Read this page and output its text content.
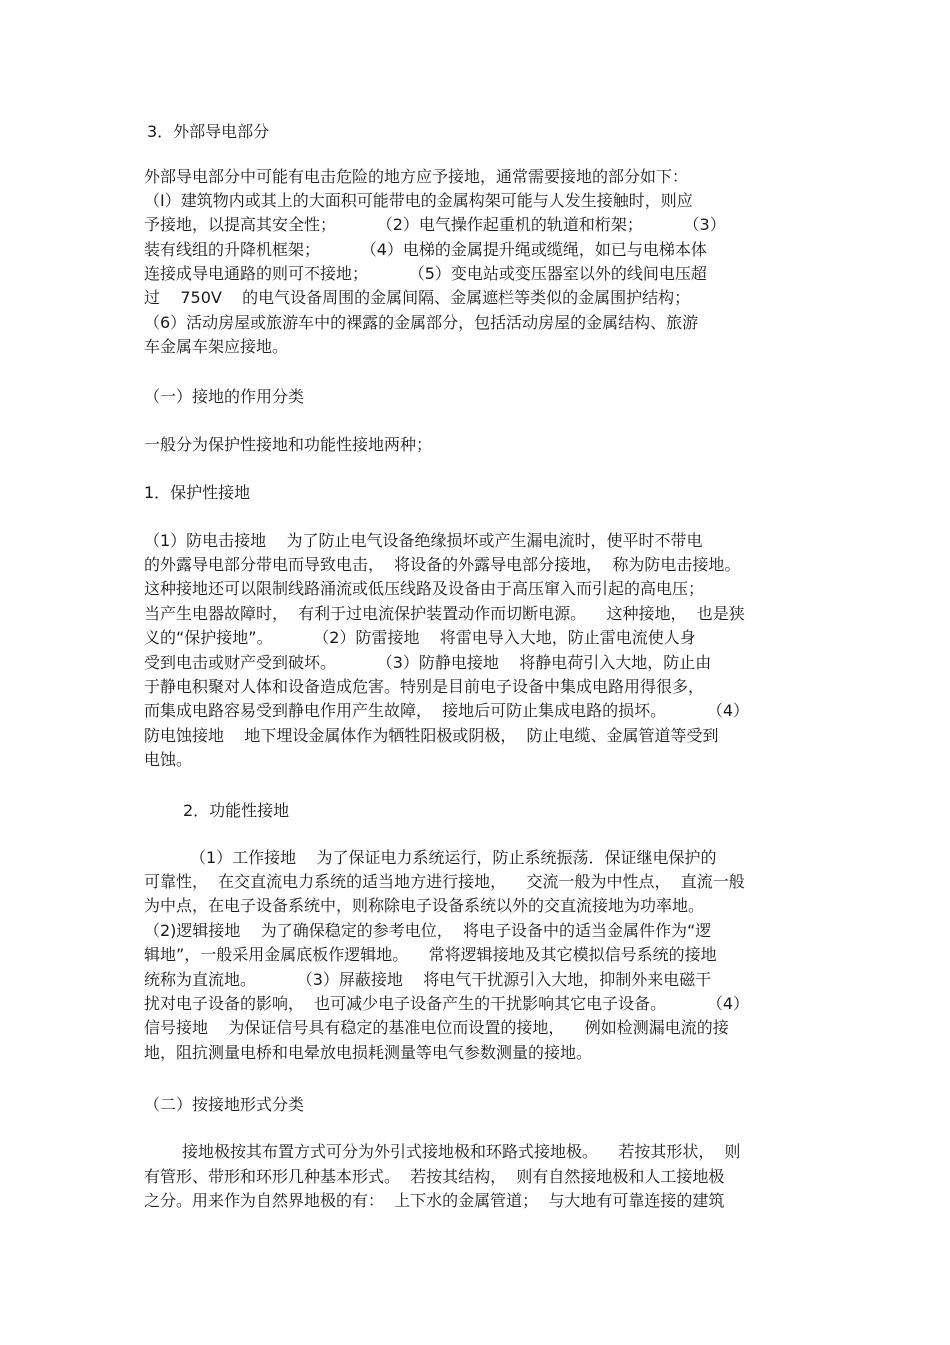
3．外部导电部分

外部导电部分中可能有电击危险的地方应予接地，通常需要接地的部分如下：

（I）建筑物内或其上的大面积可能带电的金属构架可能与人发生接触时，则应

予接地，以提高其安全性；        （2）电气操作起重机的轨道和桁架；        （3）

装有线组的升降机框架；        （4）电梯的金属提升绳或缆绳，如已与电梯本体

连接成导电通路的则可不接地；        （5）变电站或变压器室以外的线间电压超

过    750V    的电气设备周围的金属间隔、金属遮栏等类似的金属围护结构；

（6）活动房屋或旅游车中的裸露的金属部分，包括活动房屋的金属结构、旅游

车金属车架应接地。

（一）接地的作用分类

一般分为保护性接地和功能性接地两种；

1．保护性接地

（1）防电击接地    为了防止电气设备绝缘损坏或产生漏电流时，使平时不带电

的外露导电部分带电而导致电击，  将设备的外露导电部分接地，  称为防电击接地。

这种接地还可以限制线路涌流或低压线路及设备由于高压窜入而引起的高电压；

当产生电器故障时，  有利于过电流保护装置动作而切断电源。    这种接地，  也是狭

义的“保护接地”。        （2）防雷接地    将雷电导入大地，防止雷电流使人身

受到电击或财产受到破坏。        （3）防静电接地    将静电荷引入大地，防止由

于静电积聚对人体和设备造成危害。特别是目前电子设备中集成电路用得很多，

而集成电路容易受到静电作用产生故障，  接地后可防止集成电路的损坏。        （4）

防电蚀接地    地下埋设金属体作为牺牲阳极或阴极，  防止电缆、金属管道等受到

电蚀。

2．功能性接地

（1）工作接地    为了保证电力系统运行，防止系统振荡．保证继电保护的

可靠性，  在交直流电力系统的适当地方进行接地，    交流一般为中性点，  直流一般

为中点，在电子设备系统中，则称除电子设备系统以外的交直流接地为功率地。

（2)逻辑接地    为了确保稳定的参考电位，  将电子设备中的适当金属件作为“逻

辑地”，一般采用金属底板作逻辑地。    常将逻辑接地及其它模拟信号系统的接地

统称为直流地。        （3）屏蔽接地    将电气干扰源引入大地，抑制外来电磁干

扰对电子设备的影响，  也可减少电子设备产生的干扰影响其它电子设备。        （4）

信号接地    为保证信号具有稳定的基准电位而设置的接地，    例如检测漏电流的接

地，阻抗测量电桥和电晕放电损耗测量等电气参数测量的接地。

（二）按接地形式分类

接地极按其布置方式可分为外引式接地极和环路式接地极。    若按其形状，  则

有管形、带形和环形几种基本形式。  若按其结构，  则有自然接地极和人工接地极

之分。用来作为自然界地极的有：  上下水的金属管道；  与大地有可靠连接的建筑
